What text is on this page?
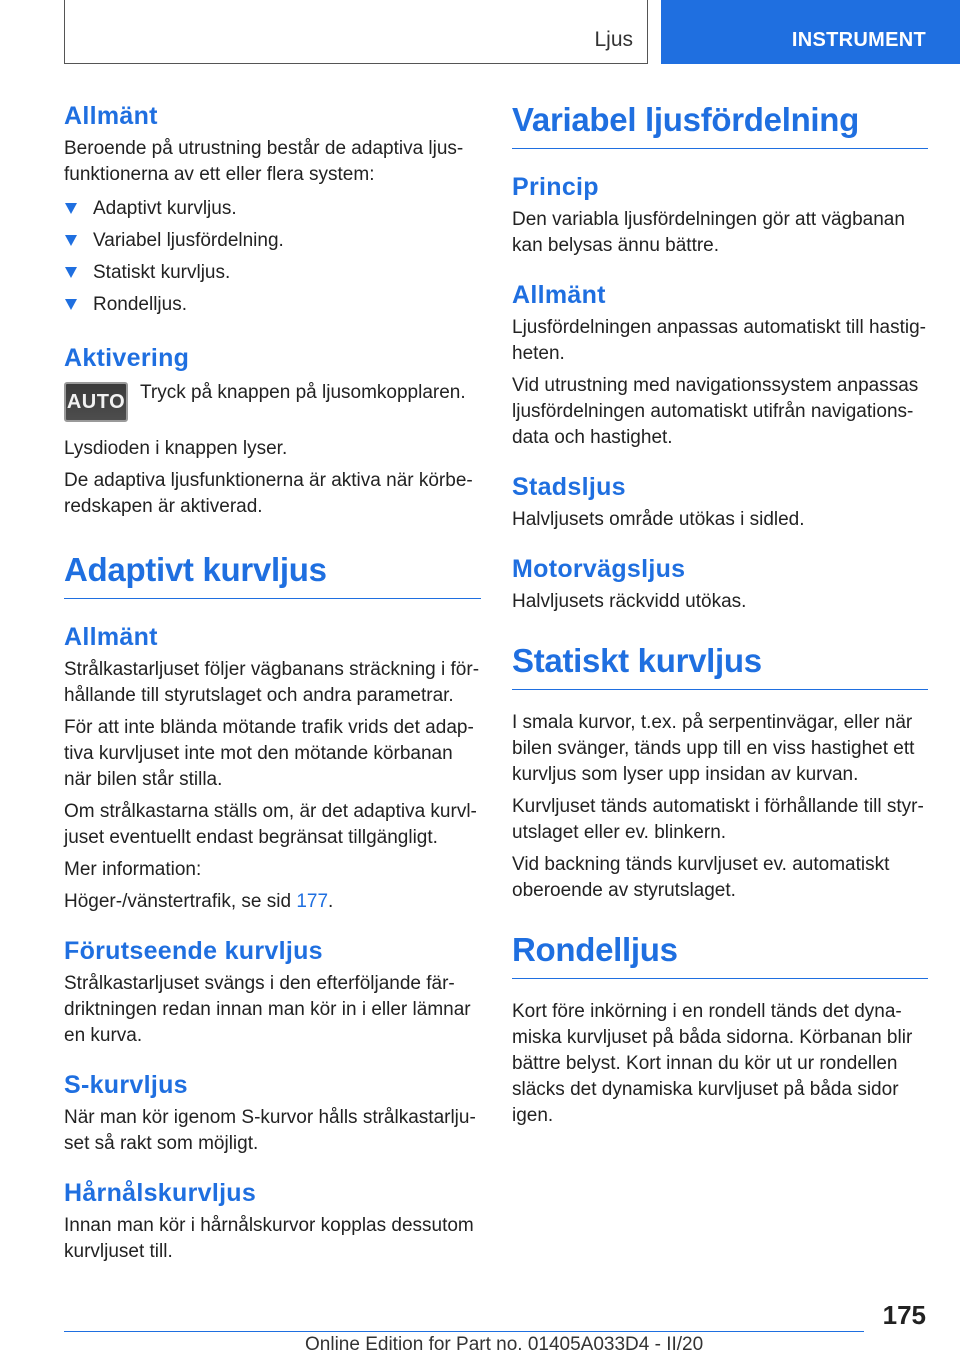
Ljus	INSTRUMENT
Allmänt
Beroende på utrustning består de adaptiva ljus-funktionerna av ett eller flera system:
Adaptivt kurvljus.
Variabel ljusfördelning.
Statiskt kurvljus.
Rondelljus.
Aktivering
AUTO Tryck på knappen på ljusomkopplaren.
Lysdioden i knappen lyser.
De adaptiva ljusfunktionerna är aktiva när körbe-redskapen är aktiverad.
Adaptivt kurvljus
Allmänt
Strålkastarljuset följer vägbanans sträckning i för-hållande till styrutslaget och andra parametrar.
För att inte blända mötande trafik vrids det adap-tiva kurvljuset inte mot den mötande körbanan när bilen står stilla.
Om strålkastarna ställs om, är det adaptiva kurvl-juset eventuellt endast begränsat tillgängligt.
Mer information:
Höger-/vänstertrafik, se sid 177.
Förutseende kurvljus
Strålkastarljuset svängs i den efterföljande fär-driktningen redan innan man kör in i eller lämnar en kurva.
S-kurvljus
När man kör igenom S-kurvor hålls strålkastarlju-set så rakt som möjligt.
Hårnålskurvljus
Innan man kör i hårnålskurvor kopplas dessutom kurvljuset till.
Variabel ljusfördelning
Princip
Den variabla ljusfördelningen gör att vägbanan kan belysas ännu bättre.
Allmänt
Ljusfördelningen anpassas automatiskt till hastig-heten.
Vid utrustning med navigationssystem anpassas ljusfördelningen automatiskt utifrån navigations-data och hastighet.
Stadsljus
Halvljusets område utökas i sidled.
Motorvägsljus
Halvljusets räckvidd utökas.
Statiskt kurvljus
I smala kurvor, t.ex. på serpentinvägar, eller när bilen svänger, tänds upp till en viss hastighet ett kurvljus som lyser upp insidan av kurvan.
Kurvljuset tänds automatiskt i förhållande till styr-utslaget eller ev. blinkern.
Vid backning tänds kurvljuset ev. automatiskt oberoende av styrutslaget.
Rondelljus
Kort före inkörning i en rondell tänds det dyna-miska kurvljuset på båda sidorna. Körbanan blir bättre belyst. Kort innan du kör ut ur rondellen släcks det dynamiska kurvljuset på båda sidor igen.
175
Online Edition for Part no. 01405A033D4 - II/20
